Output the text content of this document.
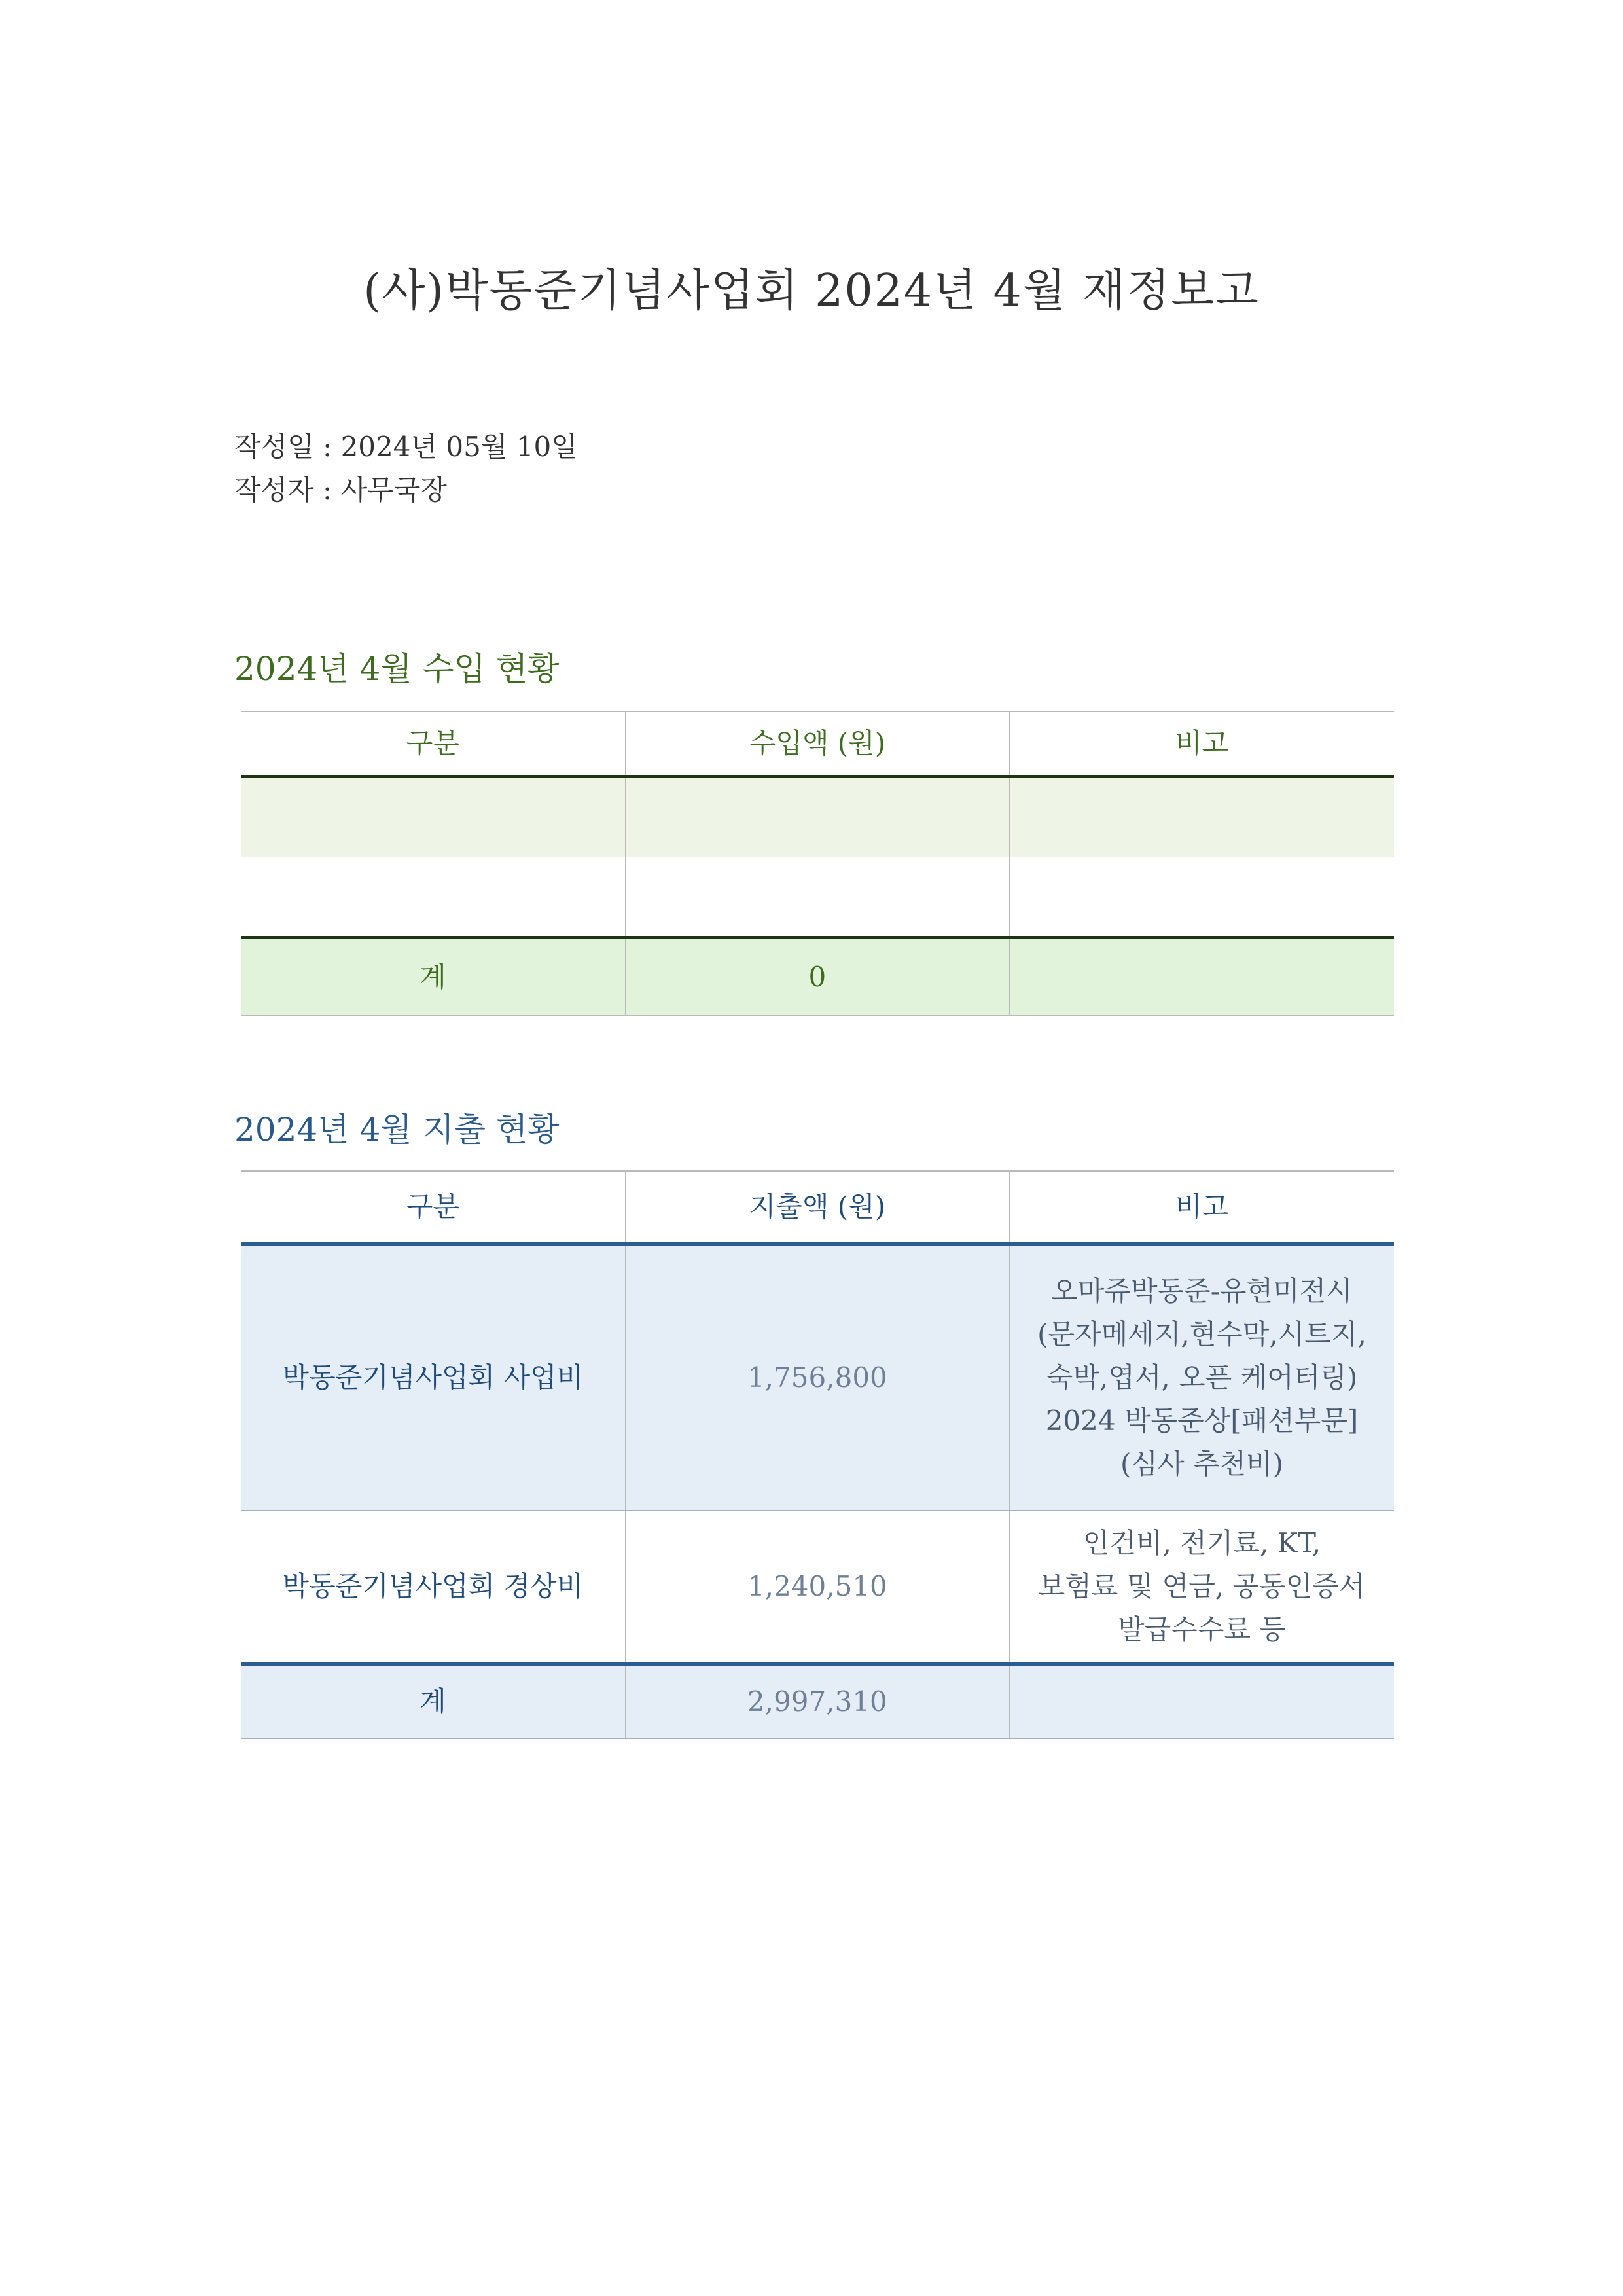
(사)박동준기념사업회 2024년 4월 재정보고
작성일 : 2024년 05월 10일
작성자 : 사무국장
2024년 4월 수입 현황
구분	수입액 (원)	비고

계	0	
2024년 4월 지출 현황
구분	지출액 (원)	비고
박동준기념사업회 사업비	1,756,800	오마쥬박동준-유현미전시
(문자메세지,현수막,시트지,
숙박,엽서, 오픈 케어터링)
2024 박동준상[패션부문]
(심사 추천비)
박동준기념사업회 경상비	1,240,510	인건비, 전기료, KT,
보험료 및 연금, 공동인증서
발급수수료 등
계	2,997,310	
